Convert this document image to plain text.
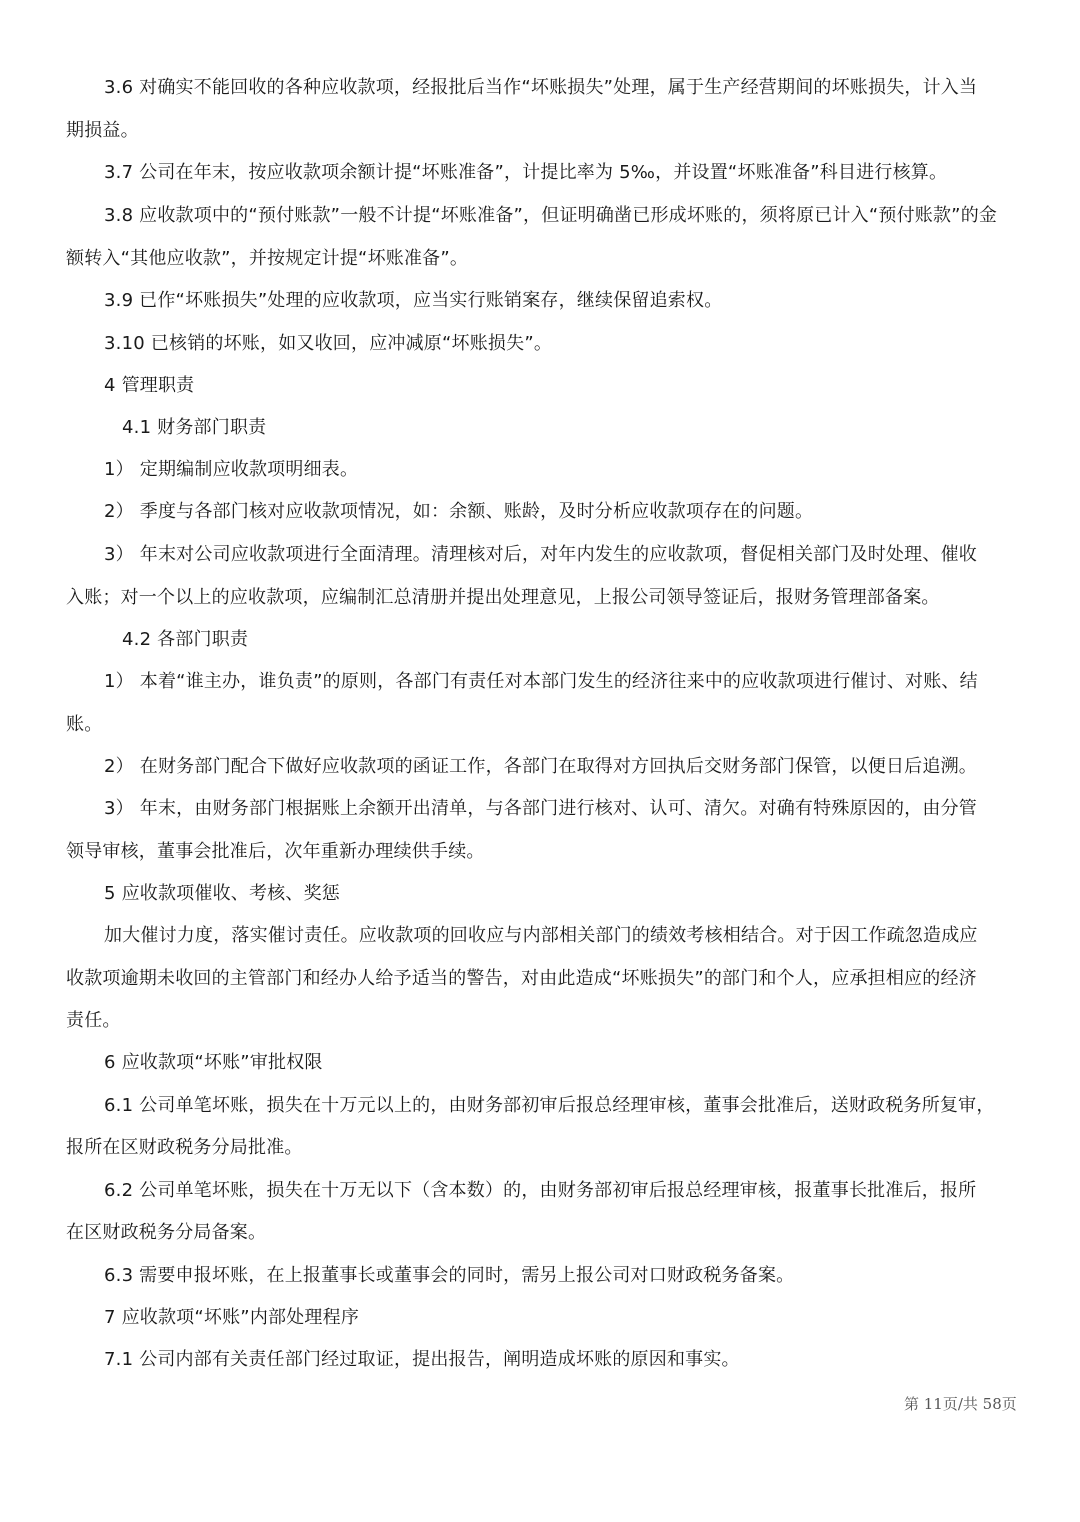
3.6 对确实不能回收的各种应收款项，经报批后当作“坏账损失”处理，属于生产经营期间的坏账损失，计入当
期损益。
3.7 公司在年末，按应收款项余额计提“坏账准备”，计提比率为 5‰，并设置“坏账准备”科目进行核算。
3.8 应收款项中的“预付账款”一般不计提“坏账准备”，但证明确凿已形成坏账的，须将原已计入“预付账款”的金
额转入“其他应收款”，并按规定计提“坏账准备”。
3.9 已作“坏账损失”处理的应收款项，应当实行账销案存，继续保留追索权。
3.10 已核销的坏账，如又收回，应冲减原“坏账损失”。
4 管理职责
4.1 财务部门职责
1） 定期编制应收款项明细表。
2） 季度与各部门核对应收款项情况，如：余额、账龄，及时分析应收款项存在的问题。
3） 年末对公司应收款项进行全面清理。清理核对后，对年内发生的应收款项，督促相关部门及时处理、催收
入账；对一个以上的应收款项，应编制汇总清册并提出处理意见，上报公司领导签证后，报财务管理部备案。
4.2 各部门职责
1） 本着“谁主办，谁负责”的原则，各部门有责任对本部门发生的经济往来中的应收款项进行催讨、对账、结
账。
2） 在财务部门配合下做好应收款项的函证工作，各部门在取得对方回执后交财务部门保管，以便日后追溯。
3） 年末，由财务部门根据账上余额开出清单，与各部门进行核对、认可、清欠。对确有特殊原因的，由分管
领导审核，董事会批准后，次年重新办理续供手续。
5 应收款项催收、考核、奖惩
加大催讨力度，落实催讨责任。应收款项的回收应与内部相关部门的绩效考核相结合。对于因工作疏忽造成应
收款项逾期未收回的主管部门和经办人给予适当的警告，对由此造成“坏账损失”的部门和个人，应承担相应的经济
责任。
6 应收款项“坏账”审批权限
6.1 公司单笔坏账，损失在十万元以上的，由财务部初审后报总经理审核，董事会批准后，送财政税务所复审，
报所在区财政税务分局批准。
6.2 公司单笔坏账，损失在十万无以下（含本数）的，由财务部初审后报总经理审核，报董事长批准后，报所
在区财政税务分局备案。
6.3 需要申报坏账，在上报董事长或董事会的同时，需另上报公司对口财政税务备案。
7 应收款项“坏账”内部处理程序
7.1 公司内部有关责任部门经过取证，提出报告，阐明造成坏账的原因和事实。
第 11页/共 58页
